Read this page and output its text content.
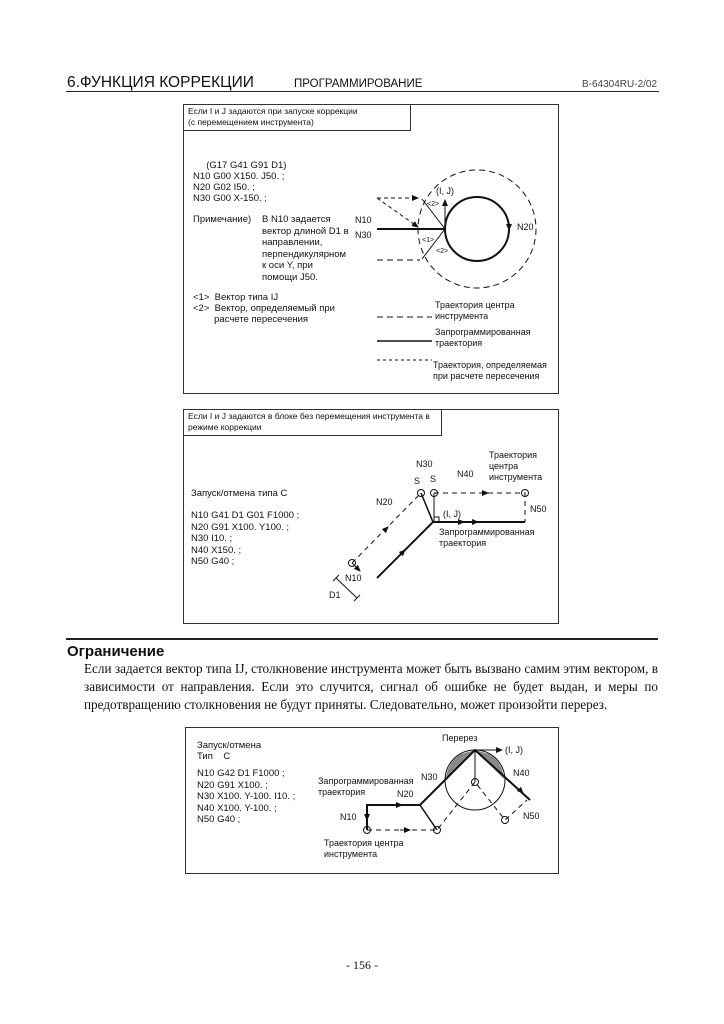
6.ФУНКЦИЯ КОРРЕКЦИИ	ПРОГРАММИРОВАНИЕ	B-64304RU-2/02
Если I и J задаются при запуске коррекции
(с перемещением инструмента)
(G17 G41 G91 D1)
N10 G00 X150. J50. ;
N20 G02 I50. ;
N30 G00 X-150. ;
Примечание) В N10 задается
вектор длиной D1 в
направлении,
перпендикулярном
к оси Y, при
помощи J50.
<1>  Вектор типа IJ
<2>  Вектор, определяемый при
расчете пересечения
N10
N30
N20
(I, J)
<1>
<2>
<2>
Траектория центра
инструмента
Запрограммированная
траектория
Траектория, определяемая
при расчете пересечения
Если I и J задаются в блоке без перемещения инструмента в
режиме коррекции
Запуск/отмена типа С
N10 G41 D1 G01 F1000 ;
N20 G91 X100. Y100. ;
N30 I10. ;
N40 X150. ;
N50 G40 ;
N30
S S N40
Траектория
центра
инструмента
N20
N50
(I, J)
Запрограммированная
траектория
N10
D1
Ограничение
Если задается вектор типа IJ, столкновение инструмента может быть вызвано самим этим вектором, в зависимости от направления. Если это случится, сигнал об ошибке не будет выдан, и меры по предотвращению столкновения не будут приняты. Следовательно, может произойти перерез.
Запуск/отмена
Тип    С
N10 G42 D1 F1000 ;
N20 G91 X100. ;
N30 X100. Y-100. I10. ;
N40 X100. Y-100. ;
N50 G40 ;
Перерез
(I, J)
N40
N30
Запрограммированная
траектория	N20
N10	N50
Траектория центра
инструмента
- 156 -
